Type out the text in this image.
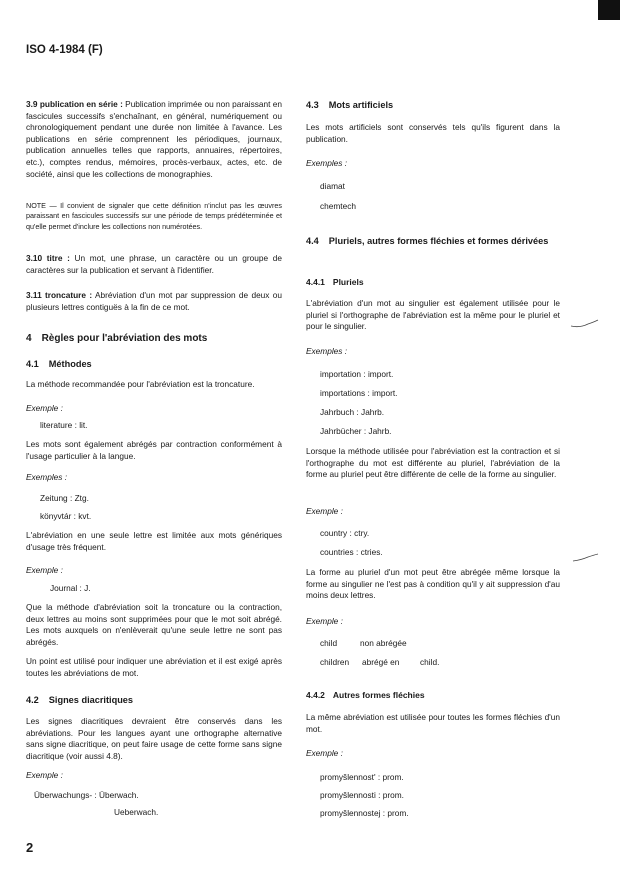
ISO 4-1984 (F)

3.9 publication en série : Publication imprimée ou non paraissant en fascicules successifs s'enchaînant, en général, numériquement ou chronologiquement pendant une durée non limitée à l'avance. Les publications en série comprennent les périodiques, journaux, publication annuelles telles que rapports, annuaires, répertoires, etc.), comptes rendus, mémoires, procès-verbaux, actes, etc. de société, ainsi que les collections de monographies.

NOTE — Il convient de signaler que cette définition n'inclut pas les œuvres paraissant en fascicules successifs sur une période de temps prédéterminée et qu'elle permet d'inclure les collections non numérotées.

3.10 titre : Un mot, une phrase, un caractère ou un groupe de caractères sur la publication et servant à l'identifier.

3.11 troncature : Abréviation d'un mot par suppression de deux ou plusieurs lettres contiguës à la fin de ce mot.

4 Règles pour l'abréviation des mots
4.1 Méthodes

La méthode recommandée pour l'abréviation est la troncature.

Exemple :
literature : lit.

Les mots sont également abrégés par contraction conformément à l'usage particulier à la langue.

Exemples :
Zeitung : Ztg.
könyvtár : kvt.

L'abréviation en une seule lettre est limitée aux mots génériques d'usage très fréquent.

Exemple :
Journal : J.

Que la méthode d'abréviation soit la troncature ou la contraction, deux lettres au moins sont supprimées pour que le mot soit abrégé. Les mots auxquels on n'enlèverait qu'une seule lettre ne sont pas abrégés.

Un point est utilisé pour indiquer une abréviation et il est exigé après toutes les abréviations de mot.

4.2 Signes diacritiques

Les signes diacritiques devraient être conservés dans les abréviations. Pour les langues ayant une orthographe alternative sans signe diacritique, on peut faire usage de cette forme sans signe diacritique (voir aussi 4.8).

Exemple :
Überwachungs- : Überwach.
Ueberwach.
4.3 Mots artificiels

Les mots artificiels sont conservés tels qu'ils figurent dans la publication.

Exemples :
diamat
chemtech
4.4 Pluriels, autres formes fléchies et formes dérivées
4.4.1 Pluriels

L'abréviation d'un mot au singulier est également utilisée pour le pluriel si l'orthographe de l'abréviation est la même pour le pluriel et pour le singulier.

Exemples :
importation : import.
importations : import.
Jahrbuch : Jahrb.
Jahrbücher : Jahrb.

Lorsque la méthode utilisée pour l'abréviation est la contraction et si l'orthographe du mot est différente au pluriel, l'abréviation de la forme au pluriel peut être différente de celle de la forme au singulier.

Exemple :
country : ctry.
countries : ctries.

La forme au pluriel d'un mot peut être abrégée même lorsque la forme au singulier ne l'est pas à condition qu'il y ait suppression d'au moins deux lettres.

Exemple :
child	non abrégée
children abrégé en child.
4.4.2 Autres formes fléchies

La même abréviation est utilisée pour toutes les formes fléchies d'un mot.

Exemple :
promyšlennost' : prom.
promyšlennosti : prom.
promyšlennostej : prom.
2
